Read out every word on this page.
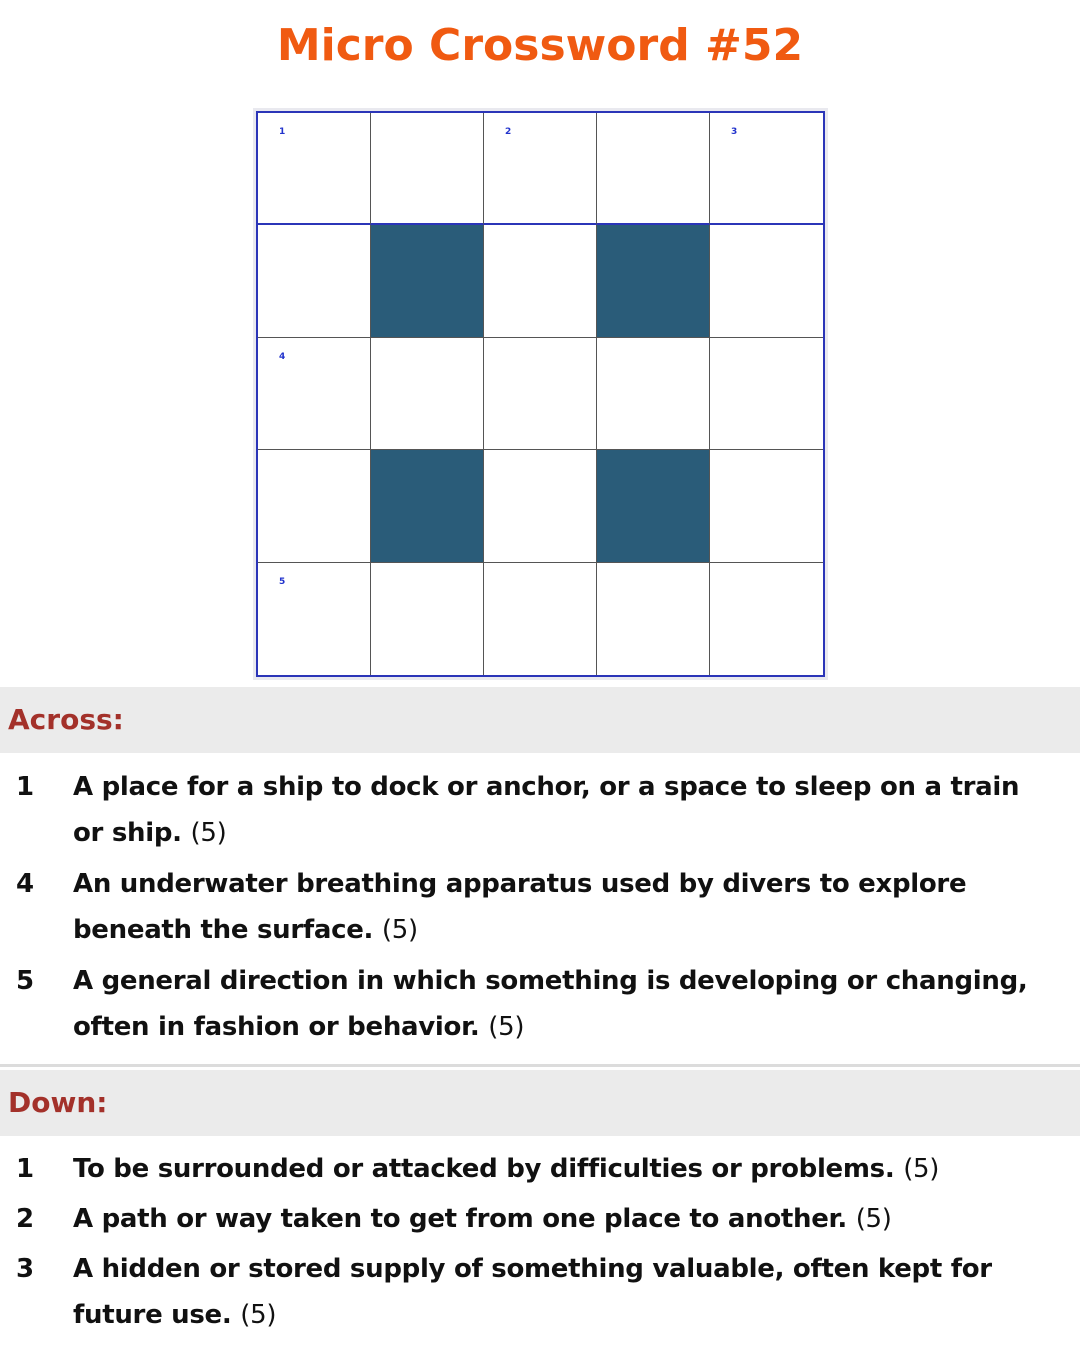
Micro Crossword #52
1	2	3
4
5
Across:
1	A place for a ship to dock or anchor, or a space to sleep on a train or ship. (5)
4	An underwater breathing apparatus used by divers to explore beneath the surface. (5)
5	A general direction in which something is developing or changing, often in fashion or behavior. (5)
Down:
1	To be surrounded or attacked by difficulties or problems. (5)
2	A path or way taken to get from one place to another. (5)
3	A hidden or stored supply of something valuable, often kept for future use. (5)
